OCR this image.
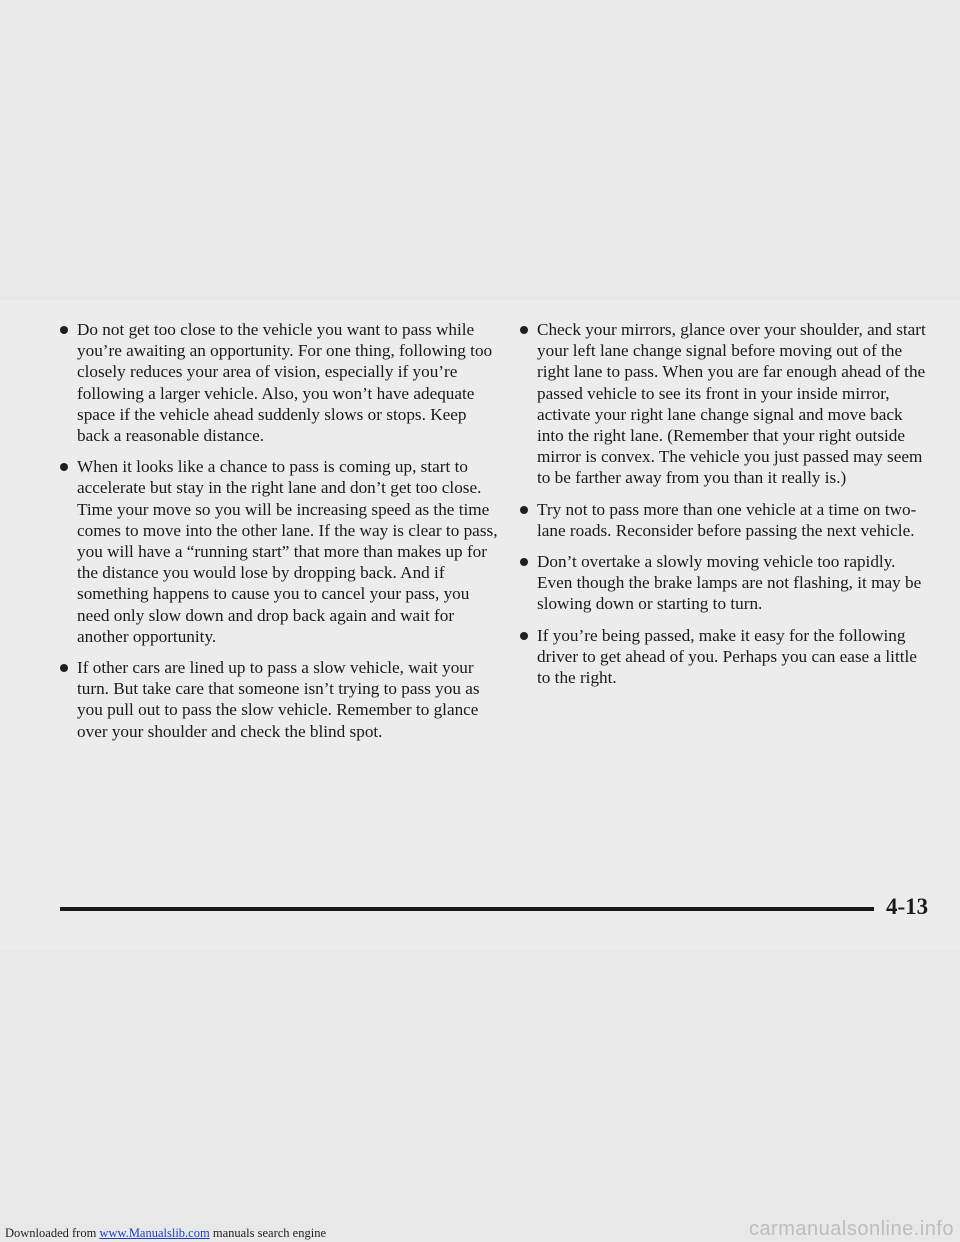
Do not get too close to the vehicle you want to pass while you’re awaiting an opportunity. For one thing, following too closely reduces your area of vision, especially if you’re following a larger vehicle. Also, you won’t have adequate space if the vehicle ahead suddenly slows or stops. Keep back a reasonable distance.
When it looks like a chance to pass is coming up, start to accelerate but stay in the right lane and don’t get too close. Time your move so you will be increasing speed as the time comes to move into the other lane. If the way is clear to pass, you will have a “running start” that more than makes up for the distance you would lose by dropping back. And if something happens to cause you to cancel your pass, you need only slow down and drop back again and wait for another opportunity.
If other cars are lined up to pass a slow vehicle, wait your turn. But take care that someone isn’t trying to pass you as you pull out to pass the slow vehicle. Remember to glance over your shoulder and check the blind spot.
Check your mirrors, glance over your shoulder, and start your left lane change signal before moving out of the right lane to pass. When you are far enough ahead of the passed vehicle to see its front in your inside mirror, activate your right lane change signal and move back into the right lane. (Remember that your right outside mirror is convex. The vehicle you just passed may seem to be farther away from you than it really is.)
Try not to pass more than one vehicle at a time on two-lane roads. Reconsider before passing the next vehicle.
Don’t overtake a slowly moving vehicle too rapidly. Even though the brake lamps are not flashing, it may be slowing down or starting to turn.
If you’re being passed, make it easy for the following driver to get ahead of you. Perhaps you can ease a little to the right.
4-13
Downloaded from www.Manualslib.com manuals search engine	carmanualsonline.info
